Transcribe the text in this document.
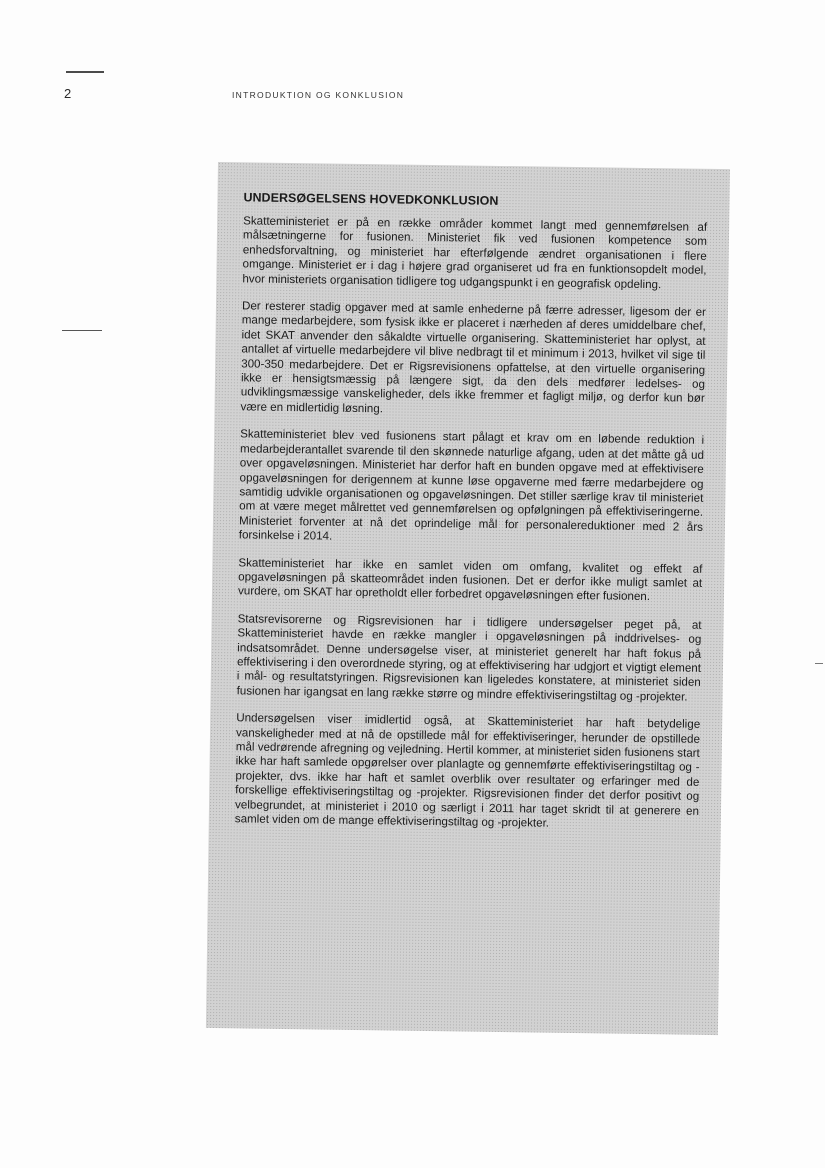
2	INTRODUKTION OG KONKLUSION
UNDERSØGELSENS HOVEDKONKLUSION

Skatteministeriet er på en række områder kommet langt med gennemførelsen af målsætningerne for fusionen. Ministeriet fik ved fusionen kompetence som enhedsforvaltning, og ministeriet har efterfølgende ændret organisationen i flere omgange. Ministeriet er i dag i højere grad organiseret ud fra en funktionsopdelt model, hvor ministeriets organisation tidligere tog udgangspunkt i en geografisk opdeling.

Der resterer stadig opgaver med at samle enhederne på færre adresser, ligesom der er mange medarbejdere, som fysisk ikke er placeret i nærheden af deres umiddelbare chef, idet SKAT anvender den såkaldte virtuelle organisering. Skatteministeriet har oplyst, at antallet af virtuelle medarbejdere vil blive nedbragt til et minimum i 2013, hvilket vil sige til 300-350 medarbejdere. Det er Rigsrevisionens opfattelse, at den virtuelle organisering ikke er hensigtsmæssig på længere sigt, da den dels medfører ledelses- og udviklingsmæssige vanskeligheder, dels ikke fremmer et fagligt miljø, og derfor kun bør være en midlertidig løsning.

Skatteministeriet blev ved fusionens start pålagt et krav om en løbende reduktion i medarbejderantallet svarende til den skønnede naturlige afgang, uden at det måtte gå ud over opgaveløsningen. Ministeriet har derfor haft en bunden opgave med at effektivisere opgaveløsningen for derigennem at kunne løse opgaverne med færre medarbejdere og samtidig udvikle organisationen og opgaveløsningen. Det stiller særlige krav til ministeriet om at være meget målrettet ved gennemførelsen og opfølgningen på effektiviseringerne. Ministeriet forventer at nå det oprindelige mål for personalereduktioner med 2 års forsinkelse i 2014.

Skatteministeriet har ikke en samlet viden om omfang, kvalitet og effekt af opgaveløsningen på skatteområdet inden fusionen. Det er derfor ikke muligt samlet at vurdere, om SKAT har opretholdt eller forbedret opgaveløsningen efter fusionen.

Statsrevisorerne og Rigsrevisionen har i tidligere undersøgelser peget på, at Skatteministeriet havde en række mangler i opgaveløsningen på inddrivelses- og indsatsområdet. Denne undersøgelse viser, at ministeriet generelt har haft fokus på effektivisering i den overordnede styring, og at effektivisering har udgjort et vigtigt element i mål- og resultatstyringen. Rigsrevisionen kan ligeledes konstatere, at ministeriet siden fusionen har igangsat en lang række større og mindre effektiviseringstiltag og -projekter.

Undersøgelsen viser imidlertid også, at Skatteministeriet har haft betydelige vanskeligheder med at nå de opstillede mål for effektiviseringer, herunder de opstillede mål vedrørende afregning og vejledning. Hertil kommer, at ministeriet siden fusionens start ikke har haft samlede opgørelser over planlagte og gennemførte effektiviseringstiltag og -projekter, dvs. ikke har haft et samlet overblik over resultater og erfaringer med de forskellige effektiviseringstiltag og -projekter. Rigsrevisionen finder det derfor positivt og velbegrundet, at ministeriet i 2010 og særligt i 2011 har taget skridt til at generere en samlet viden om de mange effektiviseringstiltag og -projekter.
